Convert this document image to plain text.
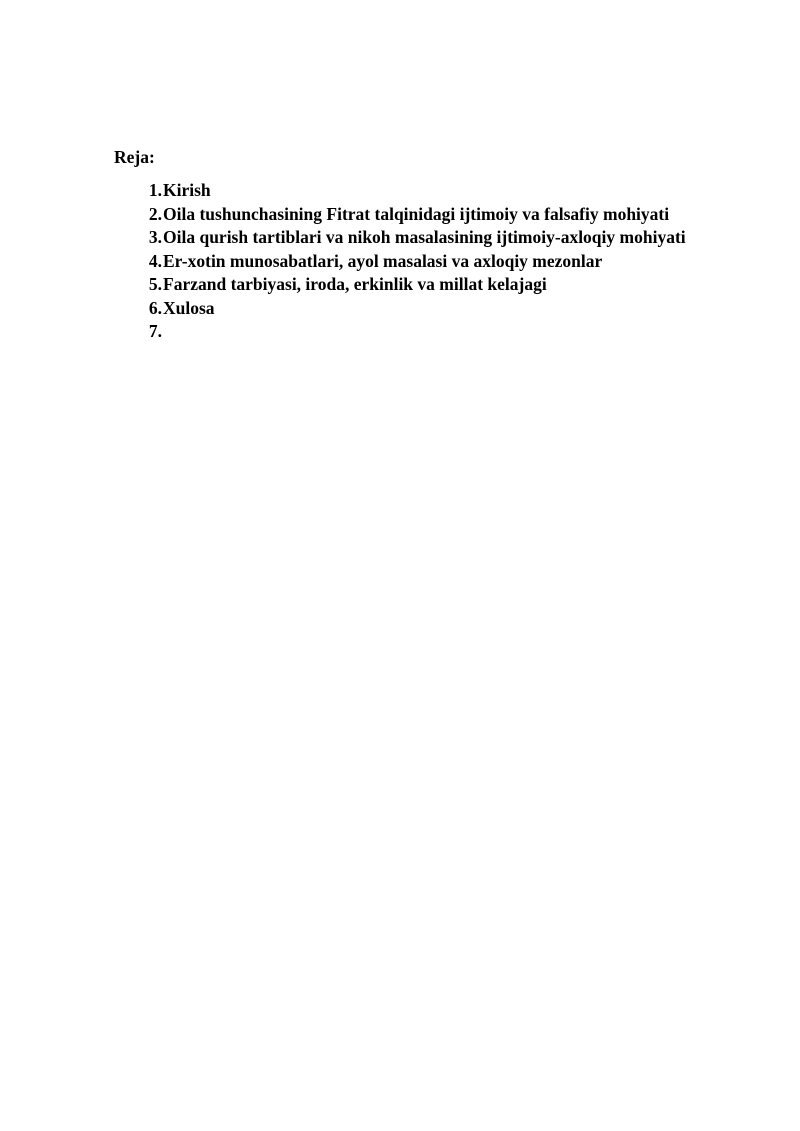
Reja:
1. Kirish
2. Oila tushunchasining Fitrat talqinidagi ijtimoiy va falsafiy mohiyati
3. Oila qurish tartiblari va nikoh masalasining ijtimoiy-axloqiy mohiyati
4. Er-xotin munosabatlari, ayol masalasi va axloqiy mezonlar
5. Farzand tarbiyasi, iroda, erkinlik va millat kelajagi
6. Xulosa
7.
